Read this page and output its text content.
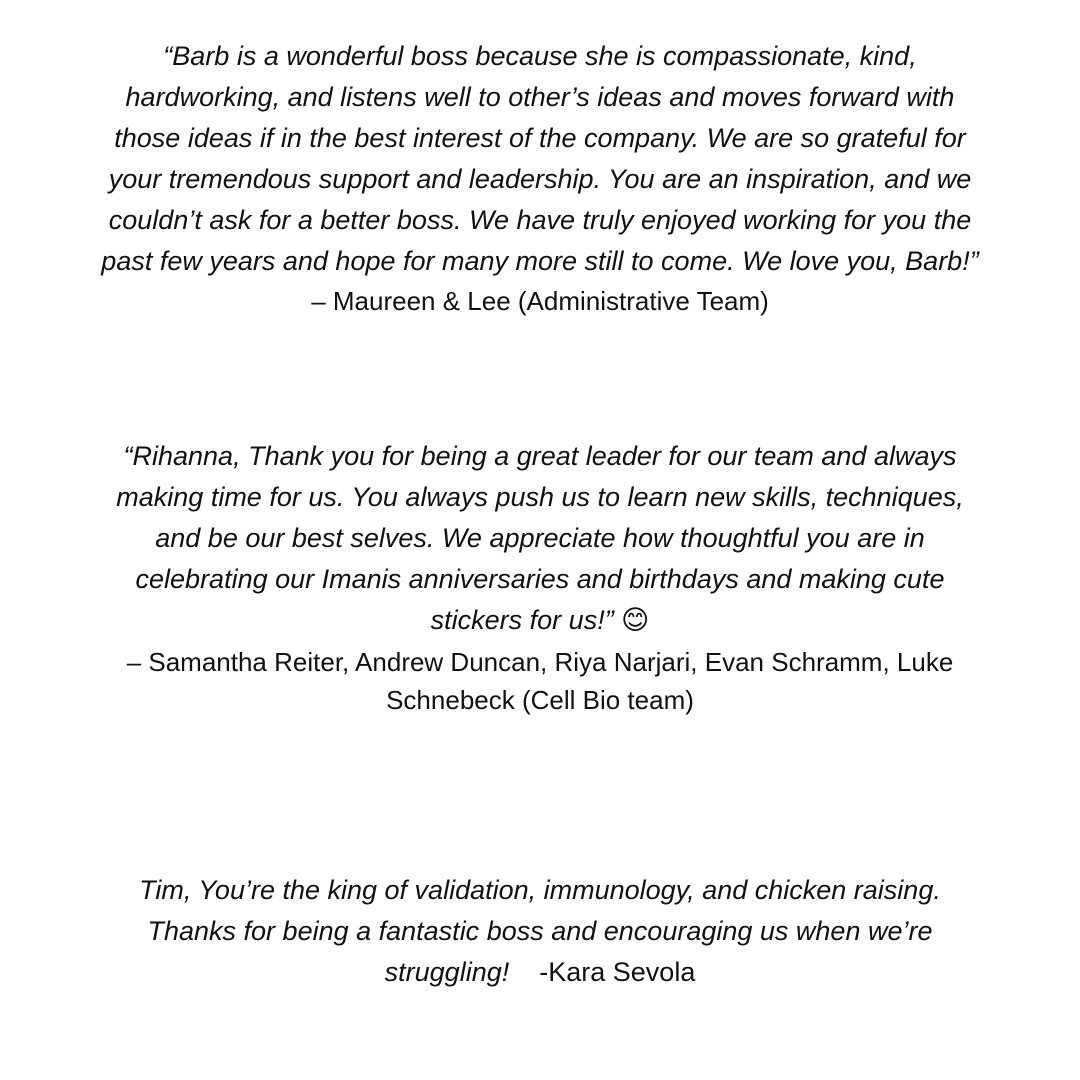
“Barb is a wonderful boss because she is compassionate, kind,
hardworking, and listens well to other’s ideas and moves forward with
those ideas if in the best interest of the company. We are so grateful for
your tremendous support and leadership. You are an inspiration, and we
couldn’t ask for a better boss. We have truly enjoyed working for you the
past few years and hope for many more still to come. We love you, Barb!”

– Maureen & Lee (Administrative Team)

“Rihanna, Thank you for being a great leader for our team and always
making time for us. You always push us to learn new skills, techniques,
and be our best selves. We appreciate how thoughtful you are in
celebrating our Imanis anniversaries and birthdays and making cute
stickers for us!” 😊

– Samantha Reiter, Andrew Duncan, Riya Narjari, Evan Schramm, Luke
Schnebeck (Cell Bio team)

Tim, You’re the king of validation, immunology, and chicken raising.
Thanks for being a fantastic boss and encouraging us when we’re
struggling! -Kara Sevola
